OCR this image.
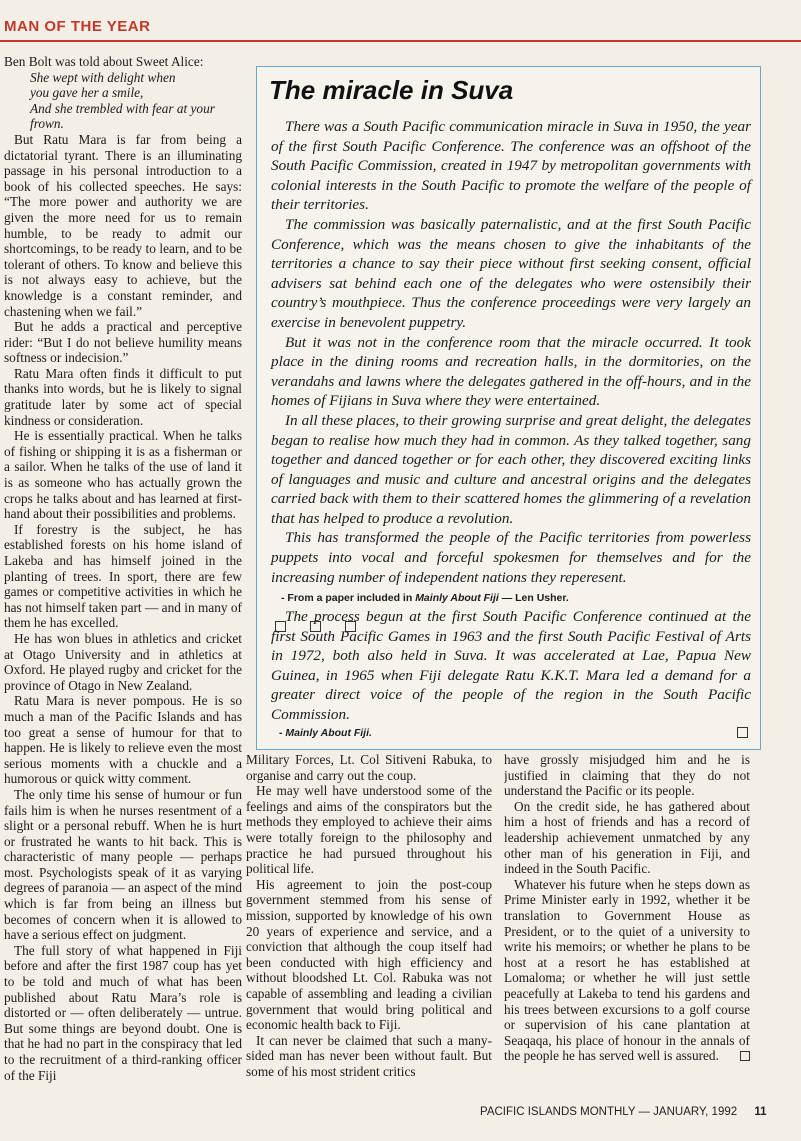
MAN OF THE YEAR

Ben Bolt was told about Sweet Alice:

She wept with delight when
you gave her a smile,
And she trembled with fear at your
frown.

But Ratu Mara is far from being a dictatorial tyrant. There is an illuminating passage in his personal introduction to a book of his collected speeches. He says: “The more power and authority we are given the more need for us to remain humble, to be ready to admit our shortcomings, to be ready to learn, and to be tolerant of others. To know and believe this is not always easy to achieve, but the knowledge is a constant reminder, and chastening when we fail.”

But he adds a practical and perceptive rider: “But I do not believe humility means softness or indecision.”

Ratu Mara often finds it difficult to put thanks into words, but he is likely to signal gratitude later by some act of special kindness or consideration.

He is essentially practical. When he talks of fishing or shipping it is as a fisherman or a sailor. When he talks of the use of land it is as someone who has actually grown the crops he talks about and has learned at first-hand about their possibilities and problems.

If forestry is the subject, he has established forests on his home island of Lakeba and has himself joined in the planting of trees. In sport, there are few games or competitive activities in which he has not himself taken part — and in many of them he has excelled.

He has won blues in athletics and cricket at Otago University and in athletics at Oxford. He played rugby and cricket for the province of Otago in New Zealand.

Ratu Mara is never pompous. He is so much a man of the Pacific Islands and has too great a sense of humour for that to happen. He is likely to relieve even the most serious moments with a chuckle and a humorous or quick witty comment.

The only time his sense of humour or fun fails him is when he nurses resentment of a slight or a personal rebuff. When he is hurt or frustrated he wants to hit back. This is characteristic of many people — perhaps most. Psychologists speak of it as varying degrees of paranoia — an aspect of the mind which is far from being an illness but becomes of concern when it is allowed to have a serious effect on judgment.

The full story of what happened in Fiji before and after the first 1987 coup has yet to be told and much of what has been published about Ratu Mara’s role is distorted or — often deliberately — untrue. But some things are beyond doubt. One is that he had no part in the conspiracy that led to the recruitment of a third-ranking officer of the Fiji

The miracle in Suva

There was a South Pacific communication miracle in Suva in 1950, the year of the first South Pacific Conference. The conference was an offshoot of the South Pacific Commission, created in 1947 by metropolitan governments with colonial interests in the South Pacific to promote the welfare of the people of their territories.

The commission was basically paternalistic, and at the first South Pacific Conference, which was the means chosen to give the inhabitants of the territories a chance to say their piece without first seeking consent, official advisers sat behind each one of the delegates who were ostensibily their country’s mouthpiece. Thus the conference proceedings were very largely an exercise in benevolent puppetry.

But it was not in the conference room that the miracle occurred. It took place in the dining rooms and recreation halls, in the dormitories, on the verandahs and lawns where the delegates gathered in the off-hours, and in the homes of Fijians in Suva where they were entertained.

In all these places, to their growing surprise and great delight, the delegates began to realise how much they had in common. As they talked together, sang together and danced together or for each other, they discovered exciting links of languages and music and culture and ancestral origins and the delegates carried back with them to their scattered homes the glimmering of a revelation that has helped to produce a revolution.

This has transformed the people of the Pacific territories from powerless puppets into vocal and forceful spokesmen for themselves and for the increasing number of independent nations they reperesent.

- From a paper included in Mainly About Fiji — Len Usher.

The process begun at the first South Pacific Conference continued at the first South Pacific Games in 1963 and the first South Pacific Festival of Arts in 1972, both also held in Suva. It was accelerated at Lae, Papua New Guinea, in 1965 when Fiji delegate Ratu K.K.T. Mara led a demand for a greater direct voice of the people of the region in the South Pacific Commission.

- Mainly About Fiji.

Military Forces, Lt. Col Sitiveni Rabuka, to organise and carry out the coup.

He may well have understood some of the feelings and aims of the conspirators but the methods they employed to achieve their aims were totally foreign to the philosophy and practice he had pursued throughout his political life.

His agreement to join the post-coup government stemmed from his sense of mission, supported by knowledge of his own 20 years of experience and service, and a conviction that although the coup itself had been conducted with high efficiency and without bloodshed Lt. Col. Rabuka was not capable of assembling and leading a civilian government that would bring political and economic health back to Fiji.

It can never be claimed that such a many-sided man has never been without fault. But some of his most strident critics

have grossly misjudged him and he is justified in claiming that they do not understand the Pacific or its people.

On the credit side, he has gathered about him a host of friends and has a record of leadership achievement unmatched by any other man of his generation in Fiji, and indeed in the South Pacific.

Whatever his future when he steps down as Prime Minister early in 1992, whether it be translation to Government House as President, or to the quiet of a university to write his memoirs; or whether he plans to be host at a resort he has established at Lomaloma; or whether he will just settle peacefully at Lakeba to tend his gardens and his trees between excursions to a golf course or supervision of his cane plantation at Seaqaqa, his place of honour in the annals of the people he has served well is assured.

PACIFIC ISLANDS MONTHLY — JANUARY, 1992 11
